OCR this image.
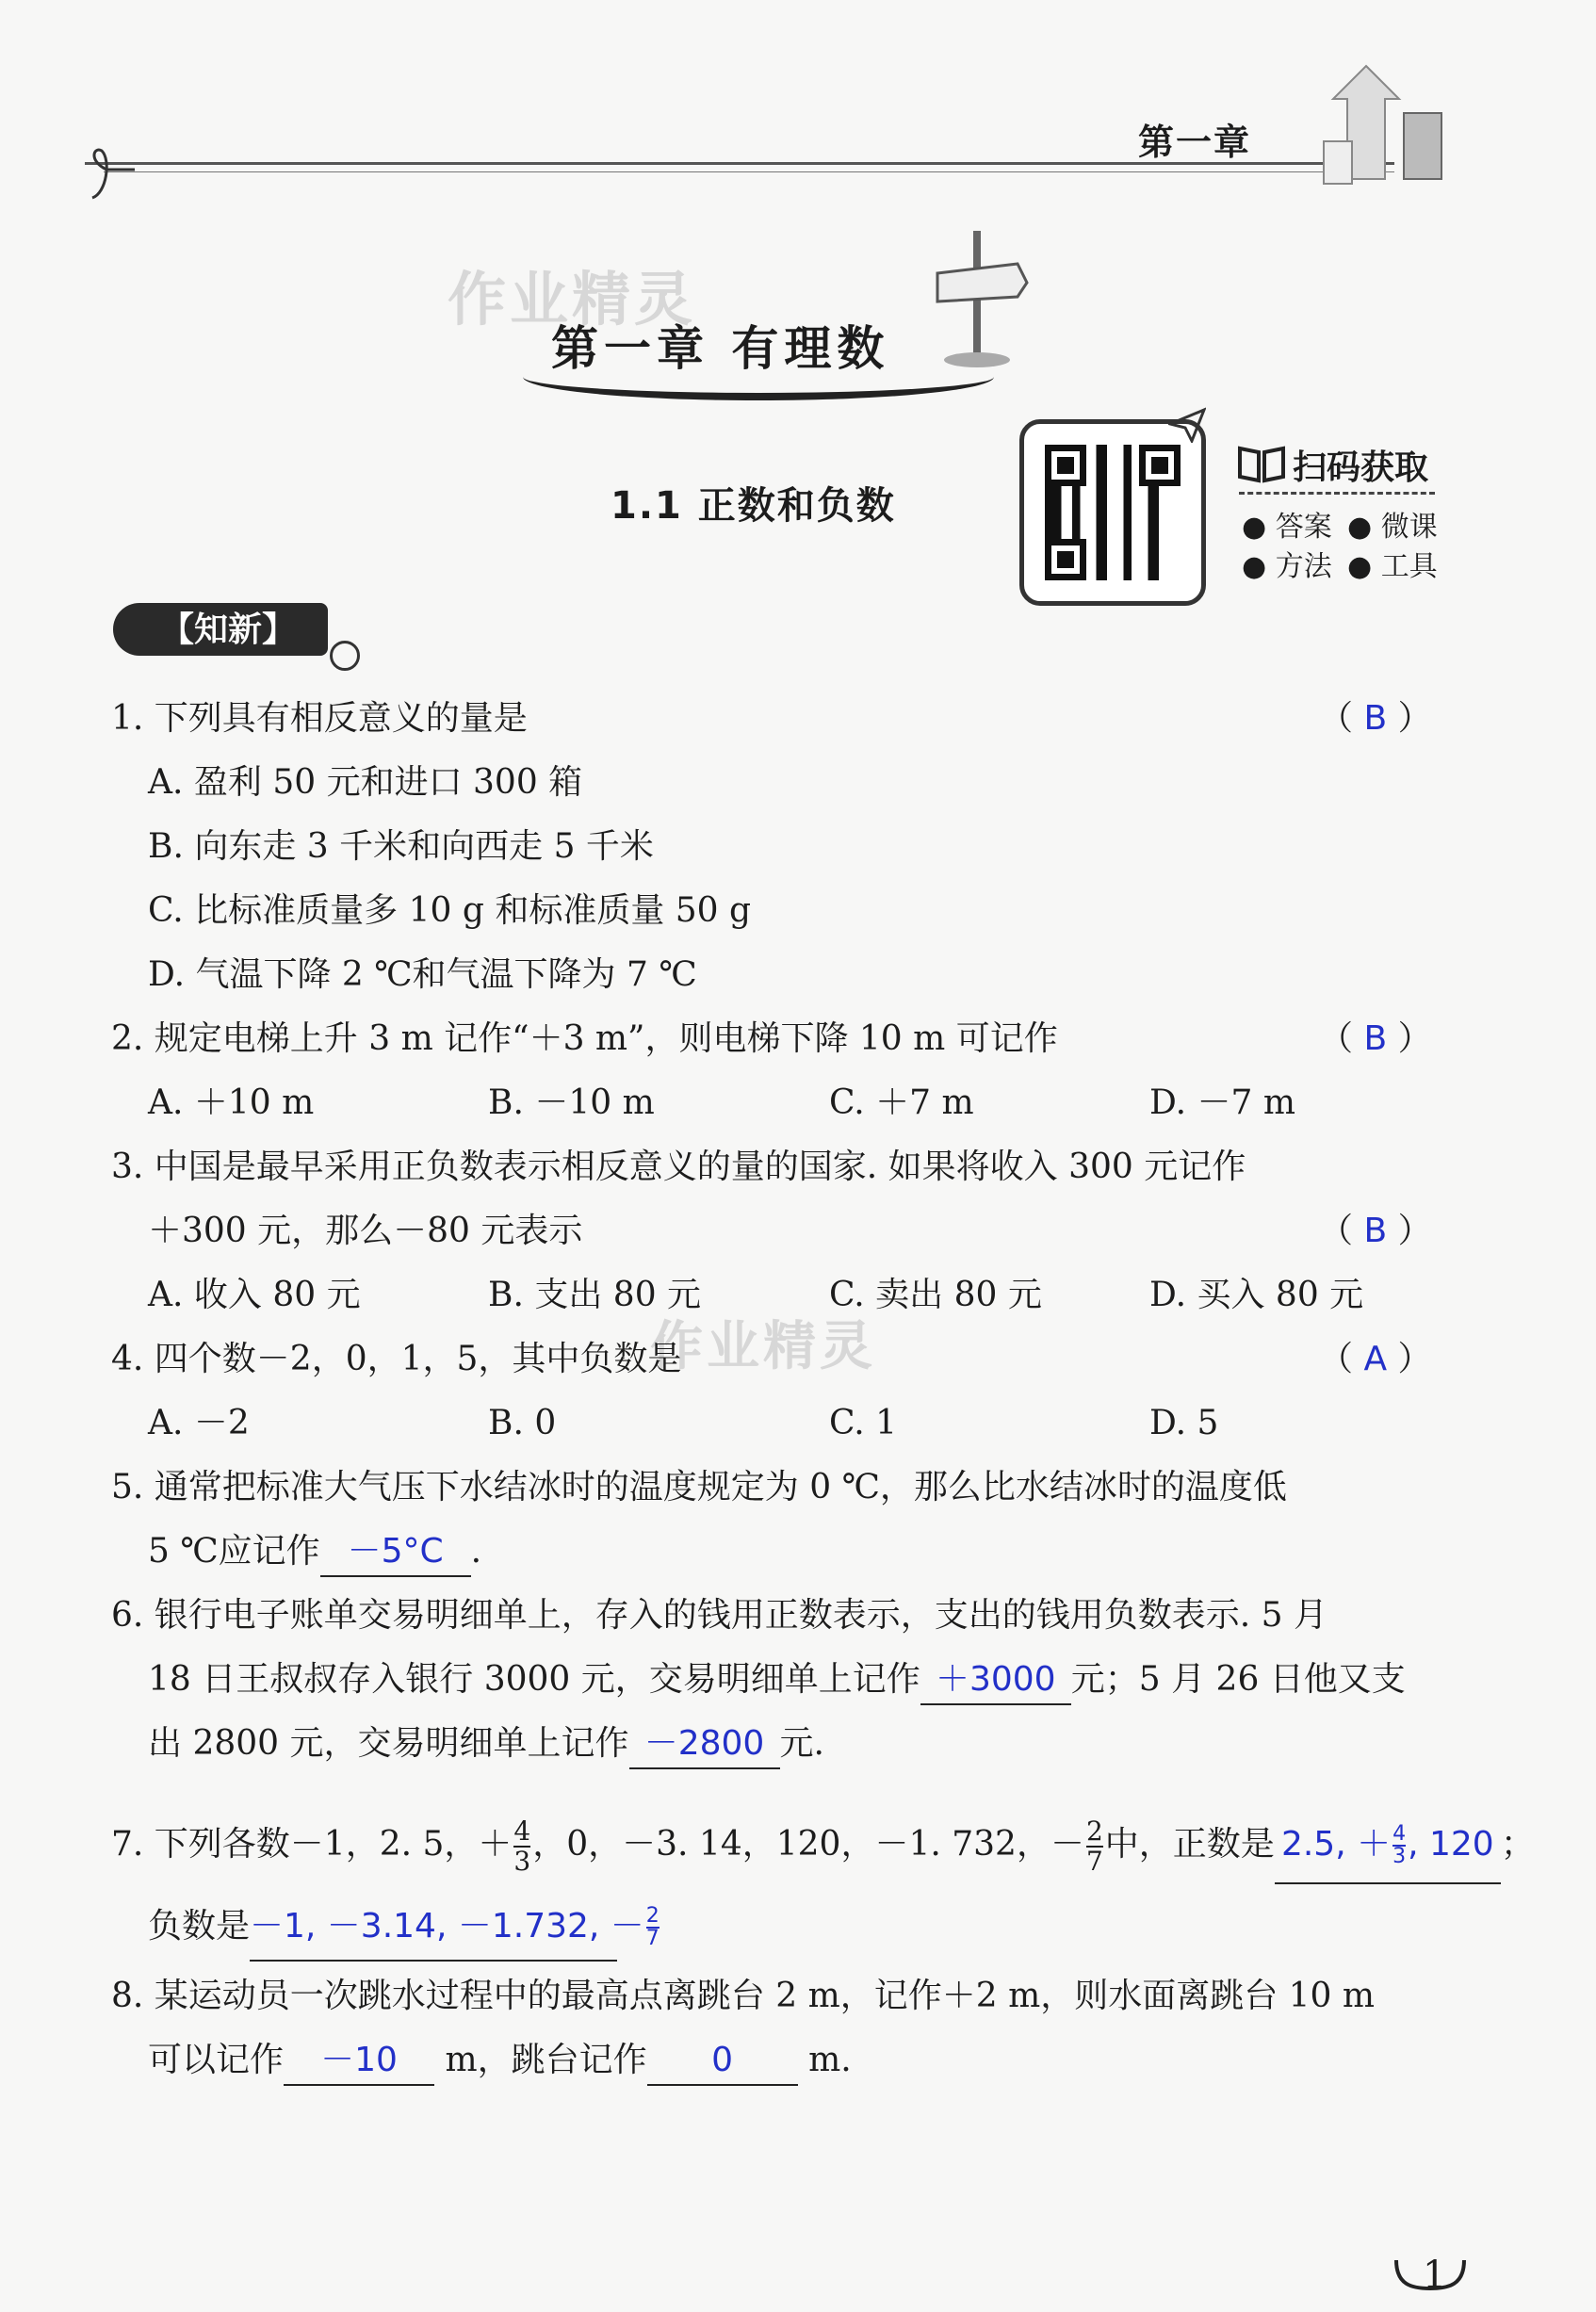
第一章
作业精灵
第一章 有理数
1.1 正数和负数
扫码获取
● 答案 ● 微课
● 方法 ● 工具
【知新】
1. 下列具有相反意义的量是	（ B ）
A. 盈利 50 元和进口 300 箱
B. 向东走 3 千米和向西走 5 千米
C. 比标准质量多 10 g 和标准质量 50 g
D. 气温下降 2 ℃和气温下降为 7 ℃
2. 规定电梯上升 3 m 记作“＋3 m”，则电梯下降 10 m 可记作	（ B ）
A. ＋10 m	B. －10 m	C. ＋7 m	D. －7 m
3. 中国是最早采用正负数表示相反意义的量的国家. 如果将收入 300 元记作
＋300 元，那么－80 元表示	（ B ）
A. 收入 80 元	B. 支出 80 元	C. 卖出 80 元	D. 买入 80 元
作业精灵
4. 四个数－2，0，1，5，其中负数是	（ A ）
A. －2	B. 0	C. 1	D. 5
5. 通常把标准大气压下水结冰时的温度规定为 0 ℃，那么比水结冰时的温度低
5 ℃应记作 －5°C .
6. 银行电子账单交易明细单上，存入的钱用正数表示，支出的钱用负数表示. 5 月
18 日王叔叔存入银行 3000 元，交易明细单上记作 ＋3000 元；5 月 26 日他又支
出 2800 元，交易明细单上记作 －2800 元.
7. 下列各数－1，2. 5，＋ $\frac{4}{3}$ ，0，－3. 14，120，－1. 732，－ $\frac{2}{7}$ 中，正数是 2.5, ＋ $\frac{4}{3}$ , 120 ；
负数是－1, －3.14, －1.732, － $\frac{2}{7}$
8. 某运动员一次跳水过程中的最高点离跳台 2 m，记作＋2 m，则水面离跳台 10 m
可以记作 －10 m，跳台记作 0 m.
1
